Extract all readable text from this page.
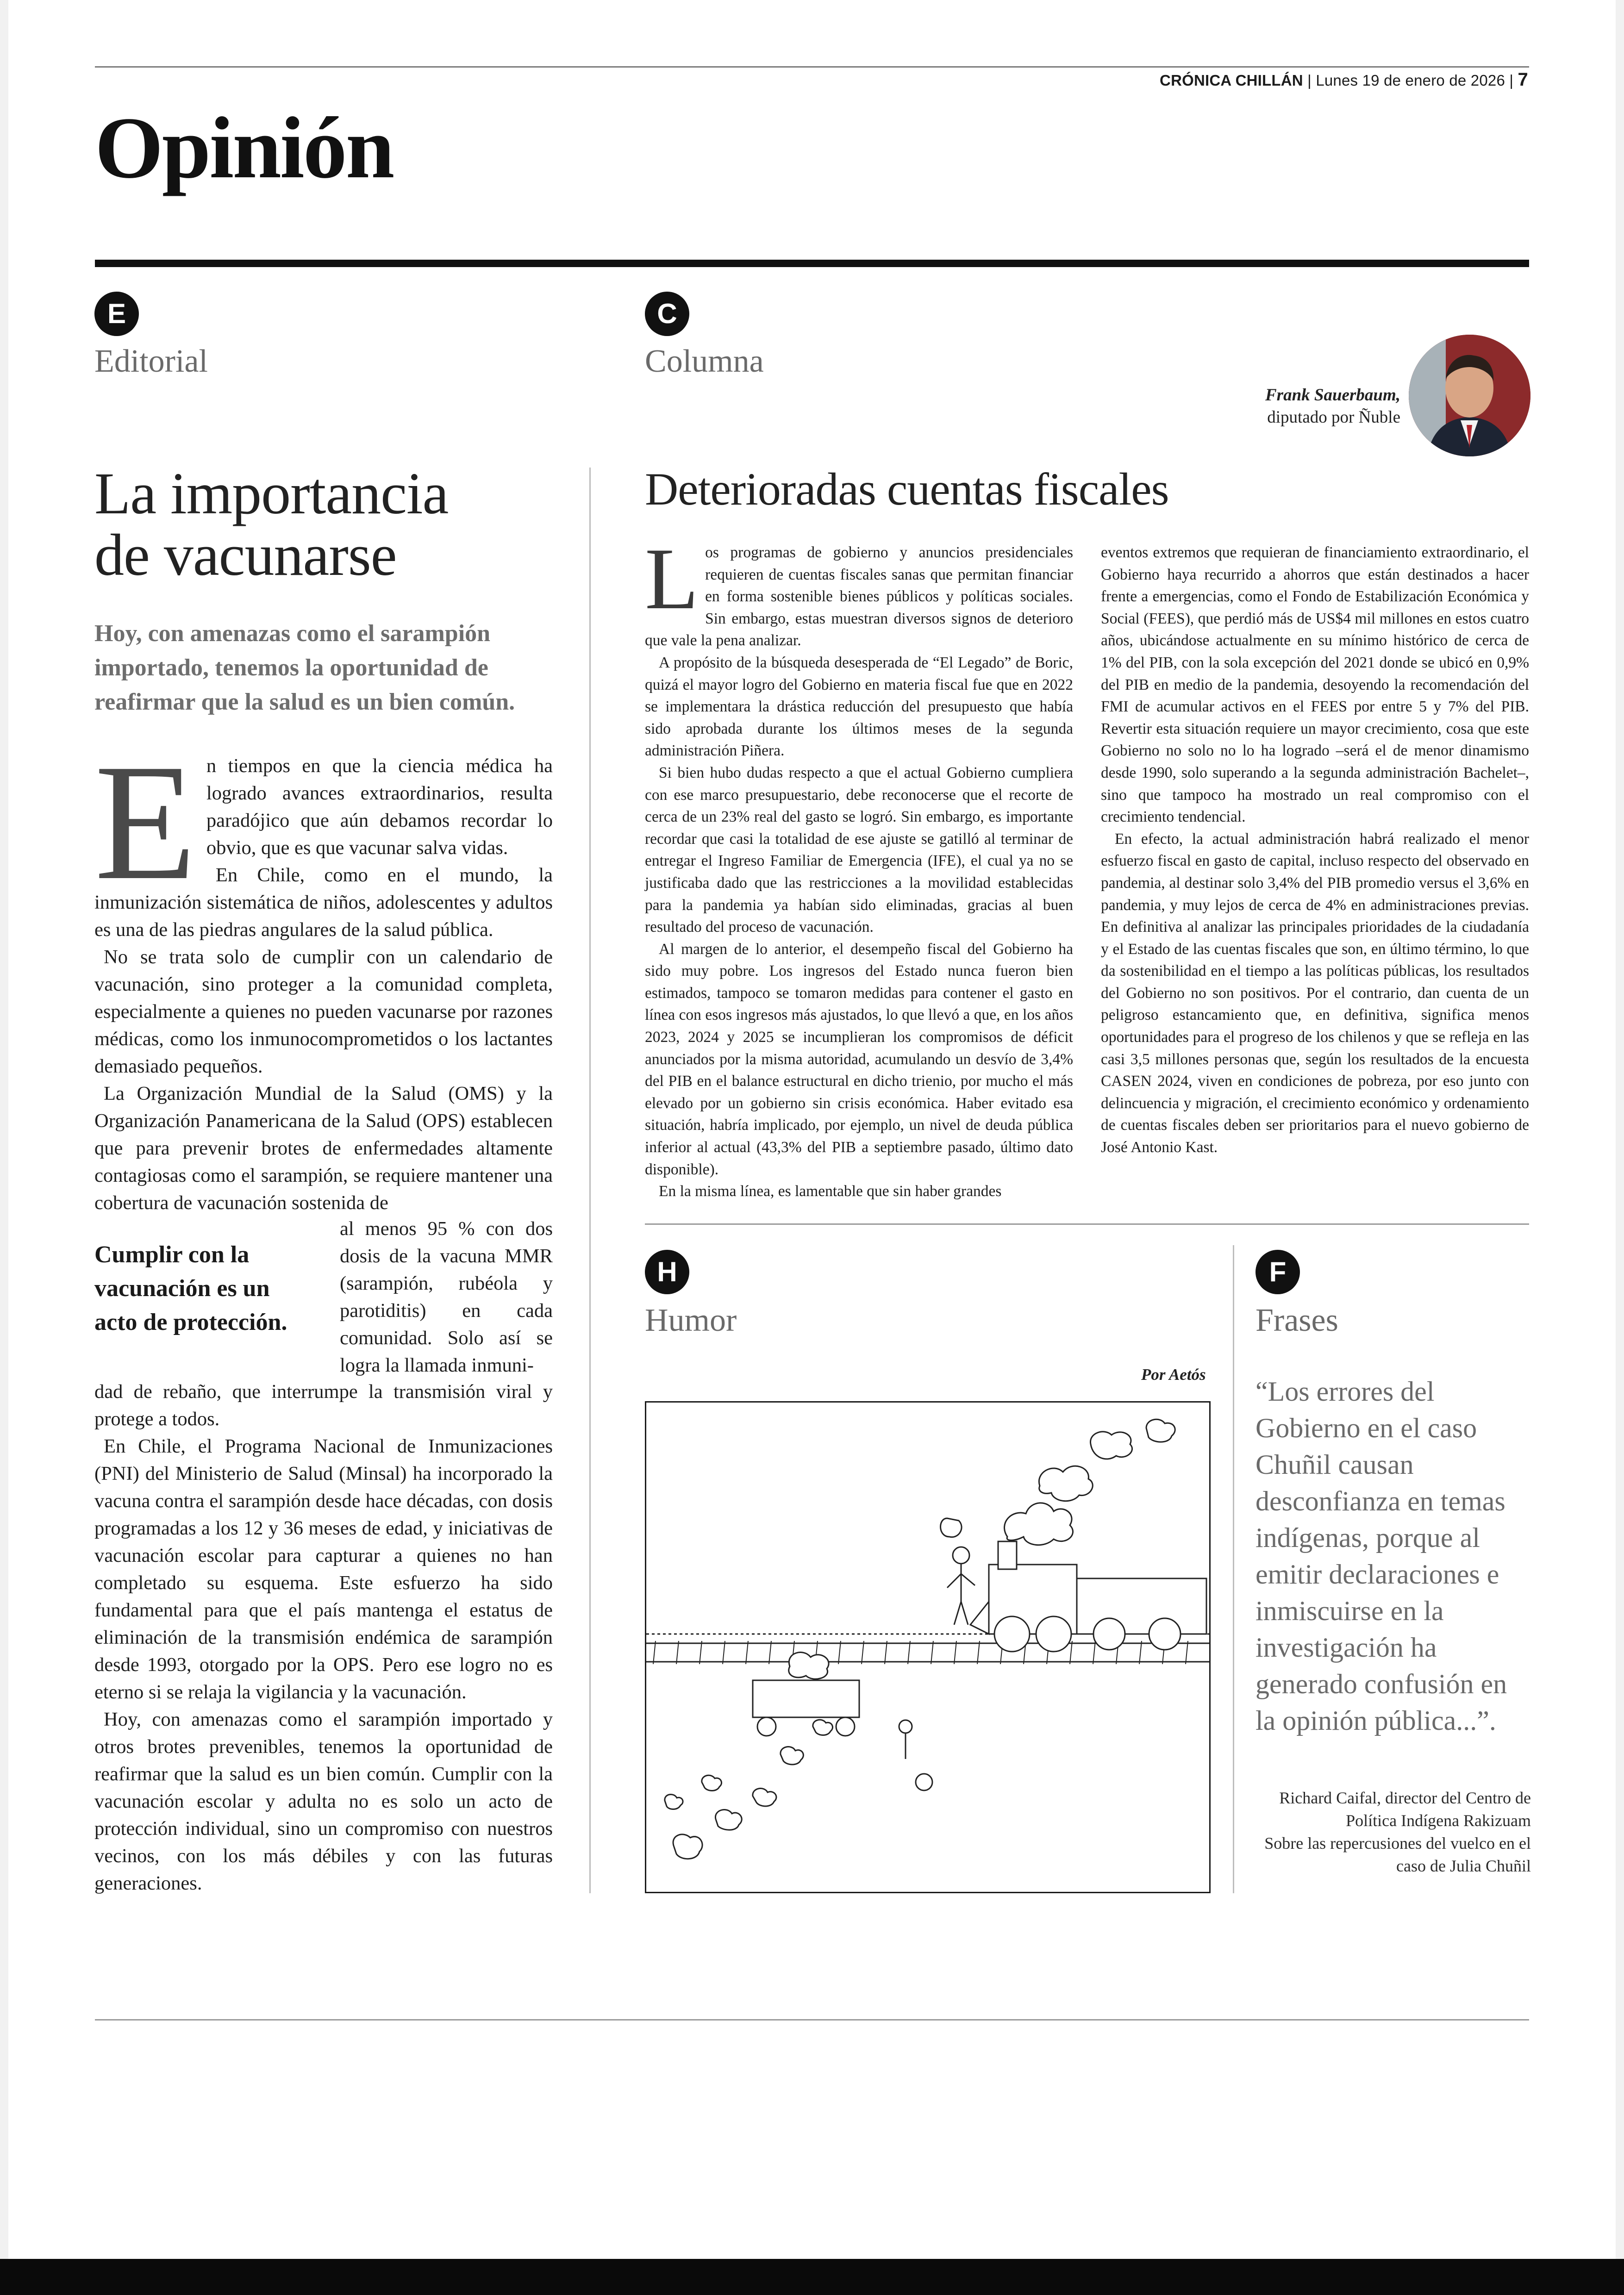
CRÓNICA CHILLÁN | Lunes 19 de enero de 2026 | 7
Opinión
E
Editorial
La importancia
de vacunarse
Hoy, con amenazas como el sarampión importado, tenemos la oportunidad de reafirmar que la salud es un bien común.
E n tiempos en que la ciencia médica ha logrado avances extraordinarios, resulta paradójico que aún debamos recordar lo obvio, que es que vacunar salva vidas.

En Chile, como en el mundo, la inmunización sistemática de niños, adolescentes y adultos es una de las piedras angulares de la salud pública.

No se trata solo de cumplir con un calendario de vacunación, sino proteger a la comunidad completa, especialmente a quienes no pueden vacunarse por razones médicas, como los inmunocomprometidos o los lactantes demasiado pequeños.

La Organización Mundial de la Salud (OMS) y la Organización Panamericana de la Salud (OPS) establecen que para prevenir brotes de enfermedades altamente contagiosas como el sarampión, se requiere mantener una cobertura de vacunación sostenida de

Cumplir con la vacunación es un acto de protección.

al menos 95 % con dos dosis de la vacuna MMR (sarampión, rubéola y parotiditis) en cada comunidad. Solo así se logra la llamada inmuni-

dad de rebaño, que interrumpe la transmisión viral y protege a todos.

En Chile, el Programa Nacional de Inmunizaciones (PNI) del Ministerio de Salud (Minsal) ha incorporado la vacuna contra el sarampión desde hace décadas, con dosis programadas a los 12 y 36 meses de edad, y iniciativas de vacunación escolar para capturar a quienes no han completado su esquema. Este esfuerzo ha sido fundamental para que el país mantenga el estatus de eliminación de la transmisión endémica de sarampión desde 1993, otorgado por la OPS. Pero ese logro no es eterno si se relaja la vigilancia y la vacunación.

Hoy, con amenazas como el sarampión importado y otros brotes prevenibles, tenemos la oportunidad de reafirmar que la salud es un bien común. Cumplir con la vacunación escolar y adulta no es solo un acto de protección individual, sino un compromiso con nuestros vecinos, con los más débiles y con las futuras generaciones.

C
Columna
Frank Sauerbaum,
diputado por Ñuble
Deterioradas cuentas fiscales
L os programas de gobierno y anuncios presidenciales requieren de cuentas fiscales sanas que permitan financiar en forma sostenible bienes públicos y políticas sociales. Sin embargo, estas muestran diversos signos de deterioro que vale la pena analizar.

A propósito de la búsqueda desesperada de “El Legado” de Boric, quizá el mayor logro del Gobierno en materia fiscal fue que en 2022 se implementara la drástica reducción del presupuesto que había sido aprobada durante los últimos meses de la segunda administración Piñera.

Si bien hubo dudas respecto a que el actual Gobierno cumpliera con ese marco presupuestario, debe reconocerse que el recorte de cerca de un 23% real del gasto se logró. Sin embargo, es importante recordar que casi la totalidad de ese ajuste se gatilló al terminar de entregar el Ingreso Familiar de Emergencia (IFE), el cual ya no se justificaba dado que las restricciones a la movilidad establecidas para la pandemia ya habían sido eliminadas, gracias al buen resultado del proceso de vacunación.

Al margen de lo anterior, el desempeño fiscal del Gobierno ha sido muy pobre. Los ingresos del Estado nunca fueron bien estimados, tampoco se tomaron medidas para contener el gasto en línea con esos ingresos más ajustados, lo que llevó a que, en los años 2023, 2024 y 2025 se incumplieran los compromisos de déficit anunciados por la misma autoridad, acumulando un desvío de 3,4% del PIB en el balance estructural en dicho trienio, por mucho el más elevado por un gobierno sin crisis económica. Haber evitado esa situación, habría implicado, por ejemplo, un nivel de deuda pública inferior al actual (43,3% del PIB a septiembre pasado, último dato disponible).

En la misma línea, es lamentable que sin haber grandes

eventos extremos que requieran de financiamiento extraordinario, el Gobierno haya recurrido a ahorros que están destinados a hacer frente a emergencias, como el Fondo de Estabilización Económica y Social (FEES), que perdió más de US$4 mil millones en estos cuatro años, ubicándose actualmente en su mínimo histórico de cerca de 1% del PIB, con la sola excepción del 2021 donde se ubicó en 0,9% del PIB en medio de la pandemia, desoyendo la recomendación del FMI de acumular activos en el FEES por entre 5 y 7% del PIB. Revertir esta situación requiere un mayor crecimiento, cosa que este Gobierno no solo no lo ha logrado –será el de menor dinamismo desde 1990, solo superando a la segunda administración Bachelet–, sino que tampoco ha mostrado un real compromiso con el crecimiento tendencial.

En efecto, la actual administración habrá realizado el menor esfuerzo fiscal en gasto de capital, incluso respecto del observado en pandemia, al destinar solo 3,4% del PIB promedio versus el 3,6% en pandemia, y muy lejos de cerca de 4% en administraciones previas. En definitiva al analizar las principales prioridades de la ciudadanía y el Estado de las cuentas fiscales que son, en último término, lo que da sostenibilidad en el tiempo a las políticas públicas, los resultados del Gobierno no son positivos. Por el contrario, dan cuenta de un peligroso estancamiento que, en definitiva, significa menos oportunidades para el progreso de los chilenos y que se refleja en las casi 3,5 millones personas que, según los resultados de la encuesta CASEN 2024, viven en condiciones de pobreza, por eso junto con delincuencia y migración, el crecimiento económico y ordenamiento de cuentas fiscales deben ser prioritarios para el nuevo gobierno de José Antonio Kast.

H
Humor
Por Aetós
F
Frases
“Los errores del Gobierno en el caso Chuñil causan desconfianza en temas indígenas, porque al emitir declaraciones e inmiscuirse en la investigación ha generado confusión en la opinión pública...”.
Richard Caifal, director del Centro de Política Indígena Rakizuam
Sobre las repercusiones del vuelco en el caso de Julia Chuñil
